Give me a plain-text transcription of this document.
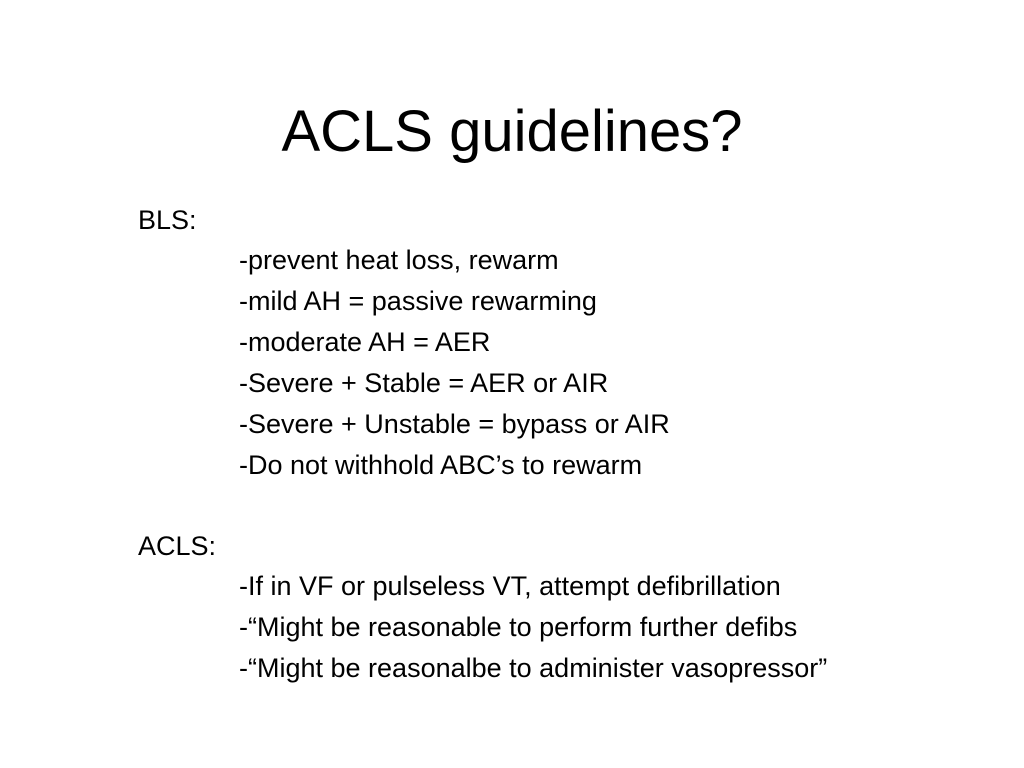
ACLS guidelines?
BLS:
-prevent heat loss, rewarm
-mild AH = passive rewarming
-moderate AH = AER
-Severe + Stable = AER or AIR
-Severe + Unstable = bypass or AIR
-Do not withhold ABC’s to rewarm
ACLS:
-If in VF or pulseless VT, attempt defibrillation
-“Might be reasonable to perform further defibs
-“Might be reasonalbe to administer vasopressor”
